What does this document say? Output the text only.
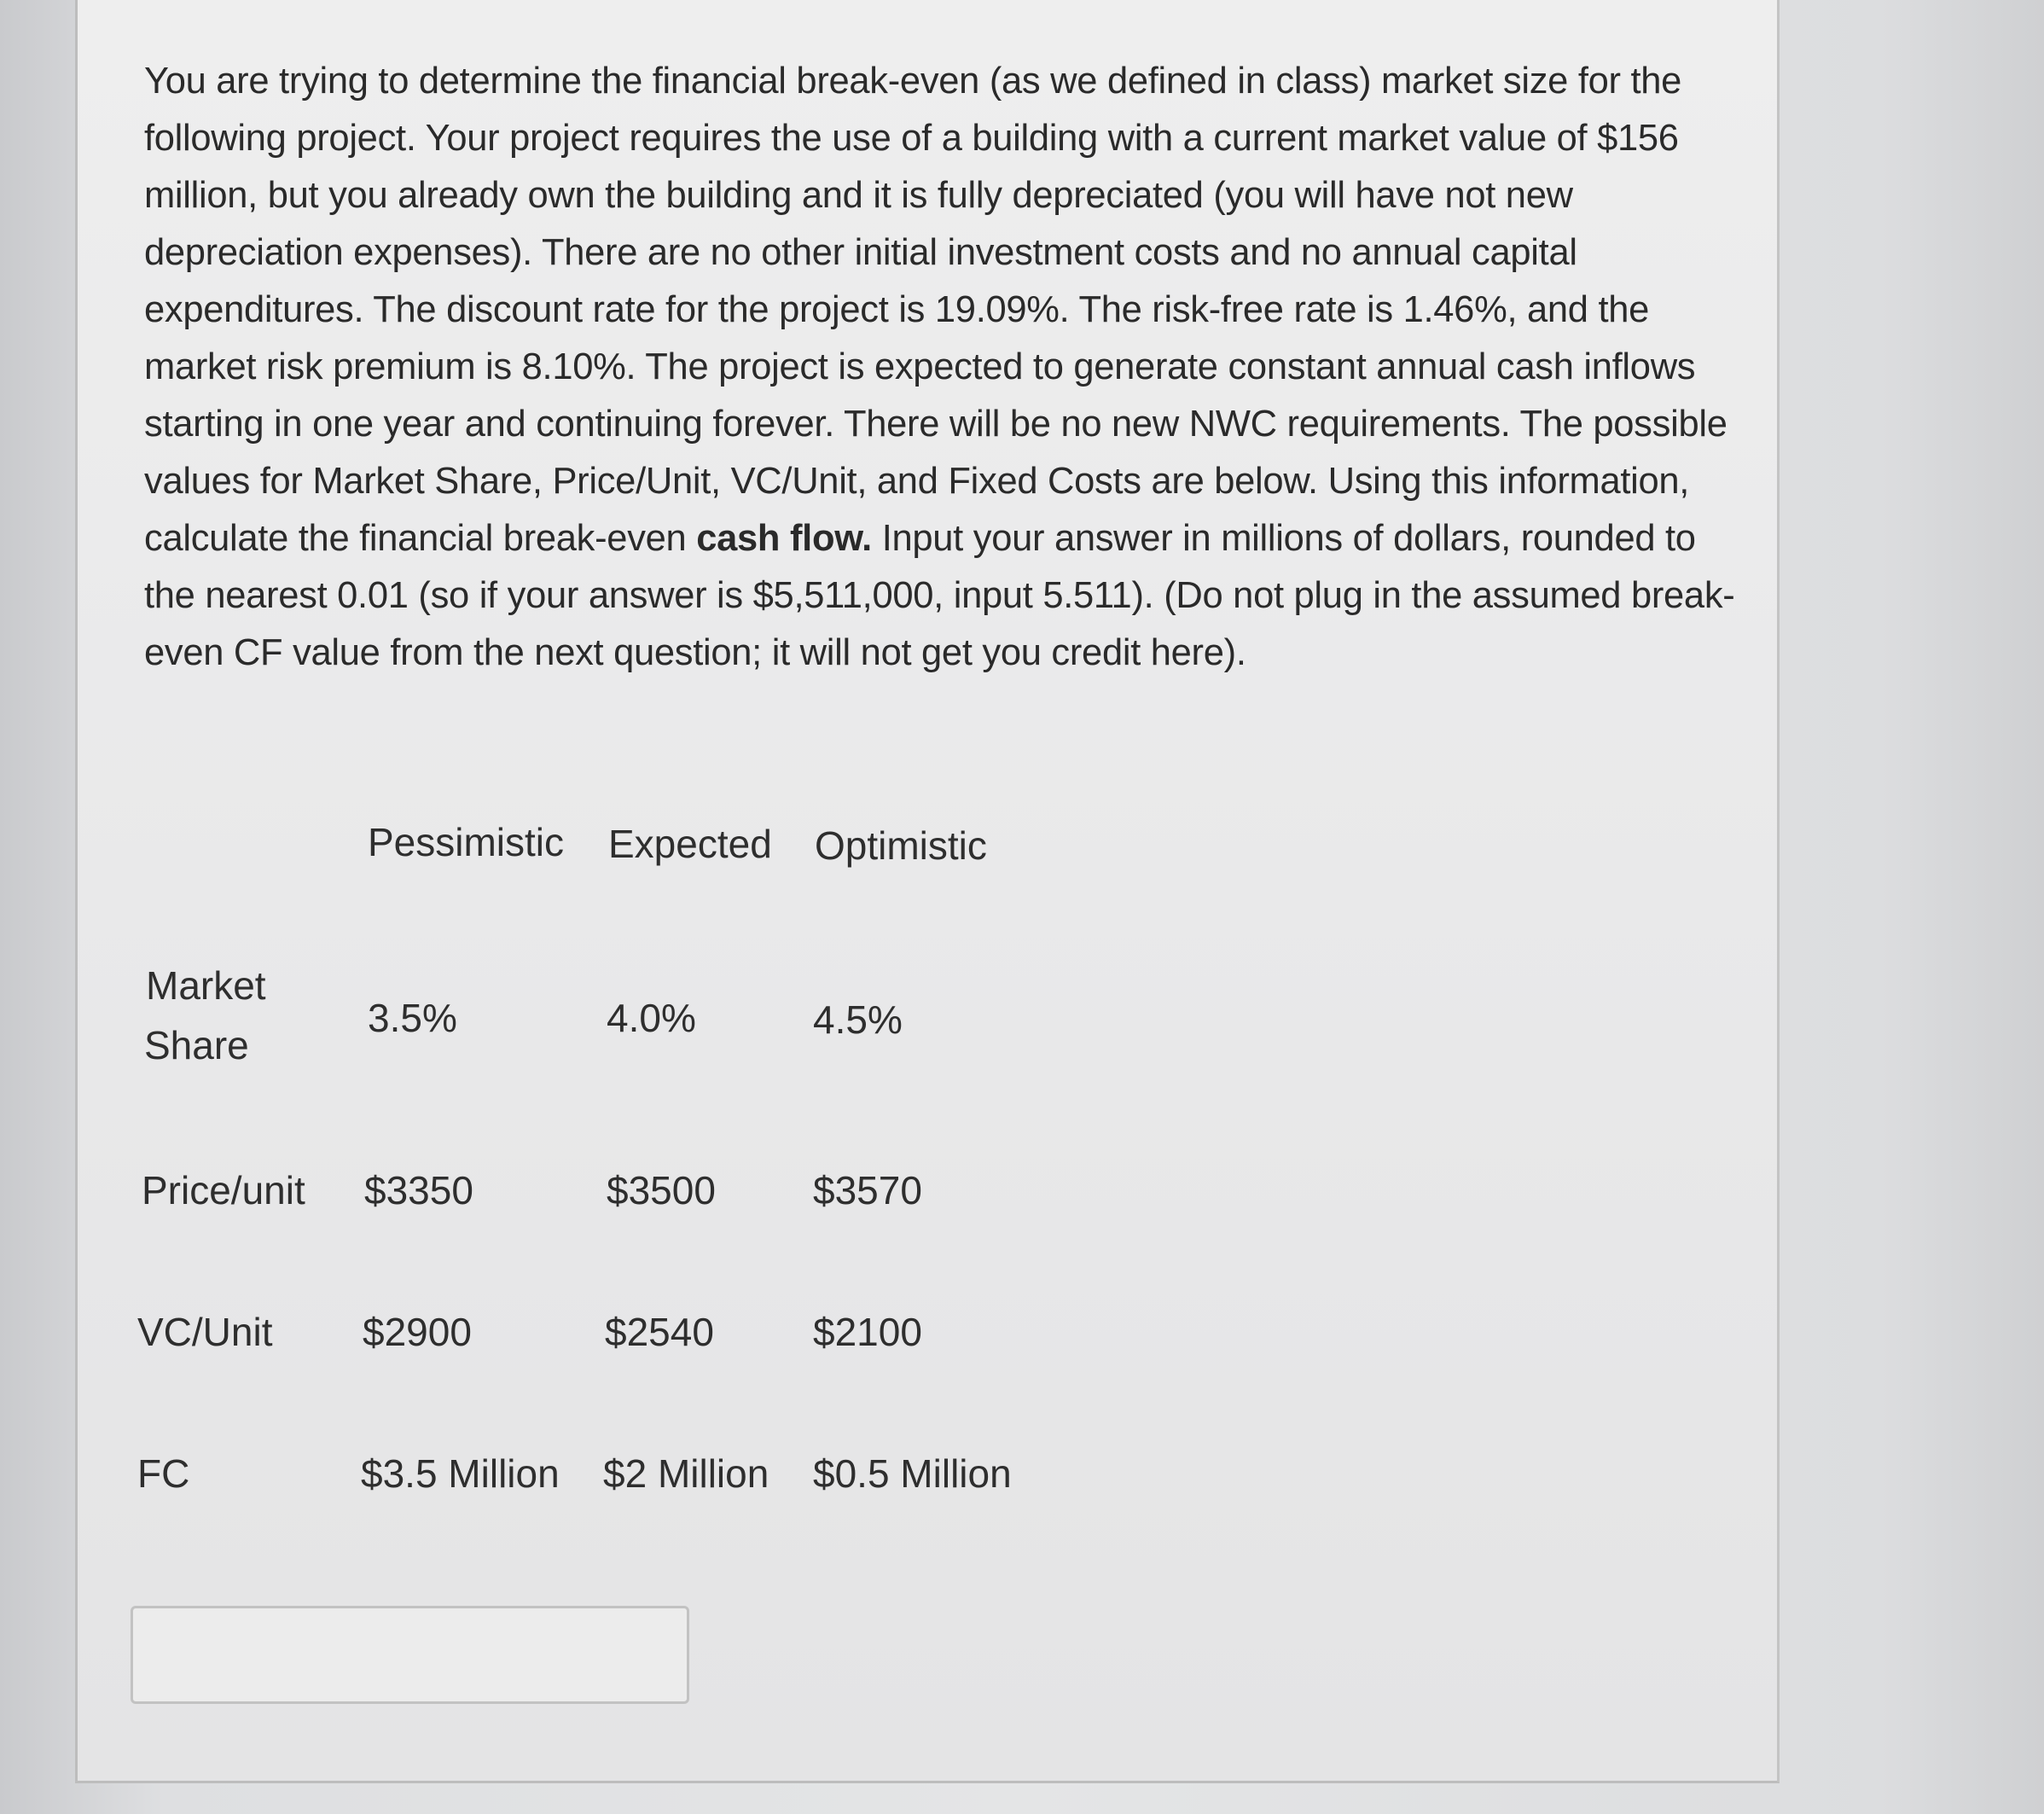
You are trying to determine the financial break-even (as we defined in class) market size for the following project. Your project requires the use of a building with a current market value of $156 million, but you already own the building and it is fully depreciated (you will have not new depreciation expenses). There are no other initial investment costs and no annual capital expenditures. The discount rate for the project is 19.09%. The risk-free rate is 1.46%, and the market risk premium is 8.10%. The project is expected to generate constant annual cash inflows starting in one year and continuing forever. There will be no new NWC requirements. The possible values for Market Share, Price/Unit, VC/Unit, and Fixed Costs are below. Using this information, calculate the financial break-even cash flow. Input your answer in millions of dollars, rounded to the nearest 0.01 (so if your answer is $5,511,000, input 5.511). (Do not plug in the assumed break-even CF value from the next question; it will not get you credit here).

Pessimistic Expected Optimistic
Market
Share
3.5%	4.0%	4.5%
Price/unit $3350	$3500 $3570
VC/Unit $2900	$2540	$2100
FC	$3.5 Million $2 Million $0.5 Million
